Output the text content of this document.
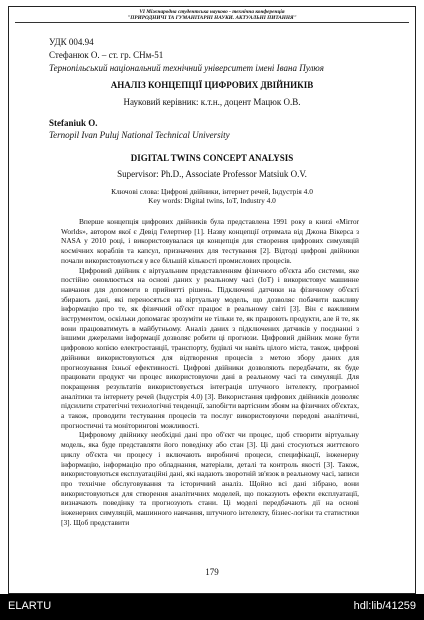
VI Міжнародна студентська науково - технічна конференція
"ПРИРОДНИЧІ ТА ГУМАНІТАРНІ НАУКИ. АКТУАЛЬНІ ПИТАННЯ"
УДК 004.94
Стефанюк О. – ст. гр. СНм-51
Тернопільський національний технічний університет імені Івана Пулюя
АНАЛІЗ КОНЦЕПЦІЇ ЦИФРОВИХ ДВІЙНИКІВ
Науковий керівник: к.т.н., доцент Мацюк О.В.
Stefaniuk O.
Ternopil Ivan Puluj National Technical University
DIGITAL TWINS CONCEPT ANALYSIS
Supervisor: Ph.D., Associate Professor Matsiuk O.V.
Ключові слова: Цифрові двійники, інтернет речей, Індустрія 4.0
Key words: Digital twins, IoT, Industry 4.0

Вперше концепція цифрових двійників була представлена 1991 року в книзі «Mirror Worlds», автором якої є Девід Гелертнер [1]. Назву концепції отримала від Джона Вікерса з NASA у 2010 році, і використовувалася ця концепція для створення цифрових симуляцій космічних кораблів та капсул, призначених для тестування [2]. Відтоді цифрові двійники почали використовуються у все більшій кількості промислових процесів.

Цифровий двійник є віртуальним представленням фізичного об'єкта або системи, яке постійно оновлюється на основі даних у реальному часі (IoT) і використовує машинне навчання для допомоги в прийнятті рішень. Підключені датчики на фізичному об'єкті збирають дані, які переносяться на віртуальну модель, що дозволяє побачити важливу інформацію про те, як фізичний об'єкт працює в реальному світі [3]. Він є важливим інструментом, оскільки допомагає зрозуміти не тільки те, як працюють продукти, але й те, як вони працюватимуть в майбутньому. Аналіз даних з підключених датчиків у поєднанні з іншими джерелами інформації дозволяє робити ці прогнози. Цифровий двійник може бути цифровою копією електростанції, транспорту, будівлі чи навіть цілого міста, також, цифрові двійники використовуються для відтворення процесів з метою збору даних для прогнозування їхньої ефективності. Цифрові двійники дозволяють передбачати, як буде працювати продукт чи процес використовуючи дані в реальному часі та симуляції. Для покращення результатів використовується інтеграція штучного інтелекту, програмної аналітики та інтернету речей (Індустрія 4.0) [3]. Використання цифрових двійників дозволяє підсилити стратегічні технологічні тенденції, запобігти вартісним збоям на фізичних об'єктах, а також, проводити тестування процесів та послуг використовуючи передові аналітичні, прогностичні та моніторингові можливості.

Цифровому двійнику необхідні дані про об'єкт чи процес, щоб створити віртуальну модель, яка буде представляти його поведінку або стан [3]. Ці дані стосуються життєвого циклу об'єкта чи процесу і включають виробничі процеси, специфікації, інженерну інформацію, інформацію про обладнання, матеріали, деталі та контроль якості [3]. Також, використовуються експлуатаційні дані, які надають зворотній зв'язок в реальному часі, записи про технічне обслуговування та історичний аналіз. Щойно всі дані зібрано, вони використовуються для створення аналітичних моделей, що показують ефекти експлуатації, визначають поведінку та прогнозують стани. Ці моделі передбачають дії на основі інженерних симуляцій, машинного навчання, штучного інтелекту, бізнес-логіки та статистики [3]. Щоб представити

179
ELARTU	hdl:lib/41259
